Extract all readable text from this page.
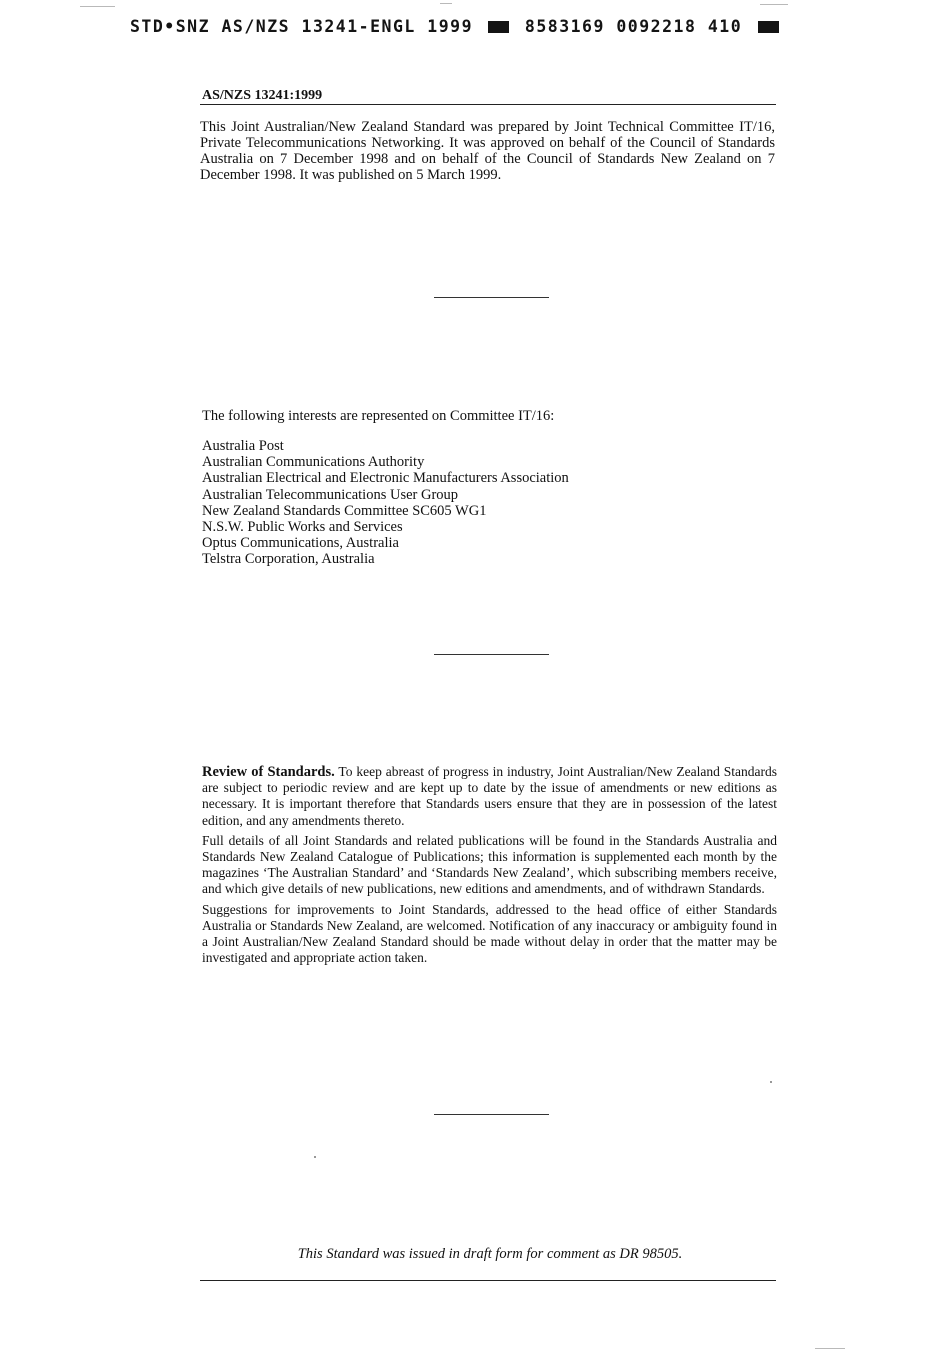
STD•SNZ AS/NZS 13241-ENGL 1999	8583169 0092218 410
AS/NZS 13241:1999
This Joint Australian/New Zealand Standard was prepared by Joint Technical Committee IT/16, Private Telecommunications Networking. It was approved on behalf of the Council of Standards Australia on 7 December 1998 and on behalf of the Council of Standards New Zealand on 7 December 1998. It was published on 5 March 1999.
The following interests are represented on Committee IT/16:
Australia Post
Australian Communications Authority
Australian Electrical and Electronic Manufacturers Association
Australian Telecommunications User Group
New Zealand Standards Committee SC605 WG1
N.S.W. Public Works and Services
Optus Communications, Australia
Telstra Corporation, Australia

Review of Standards. To keep abreast of progress in industry, Joint Australian/New Zealand Standards are subject to periodic review and are kept up to date by the issue of amendments or new editions as necessary. It is important therefore that Standards users ensure that they are in possession of the latest edition, and any amendments thereto.

Full details of all Joint Standards and related publications will be found in the Standards Australia and Standards New Zealand Catalogue of Publications; this information is supplemented each month by the magazines ‘The Australian Standard’ and ‘Standards New Zealand’, which subscribing members receive, and which give details of new publications, new editions and amendments, and of withdrawn Standards.

Suggestions for improvements to Joint Standards, addressed to the head office of either Standards Australia or Standards New Zealand, are welcomed. Notification of any inaccuracy or ambiguity found in a Joint Australian/New Zealand Standard should be made without delay in order that the matter may be investigated and appropriate action taken.

This Standard was issued in draft form for comment as DR 98505.
